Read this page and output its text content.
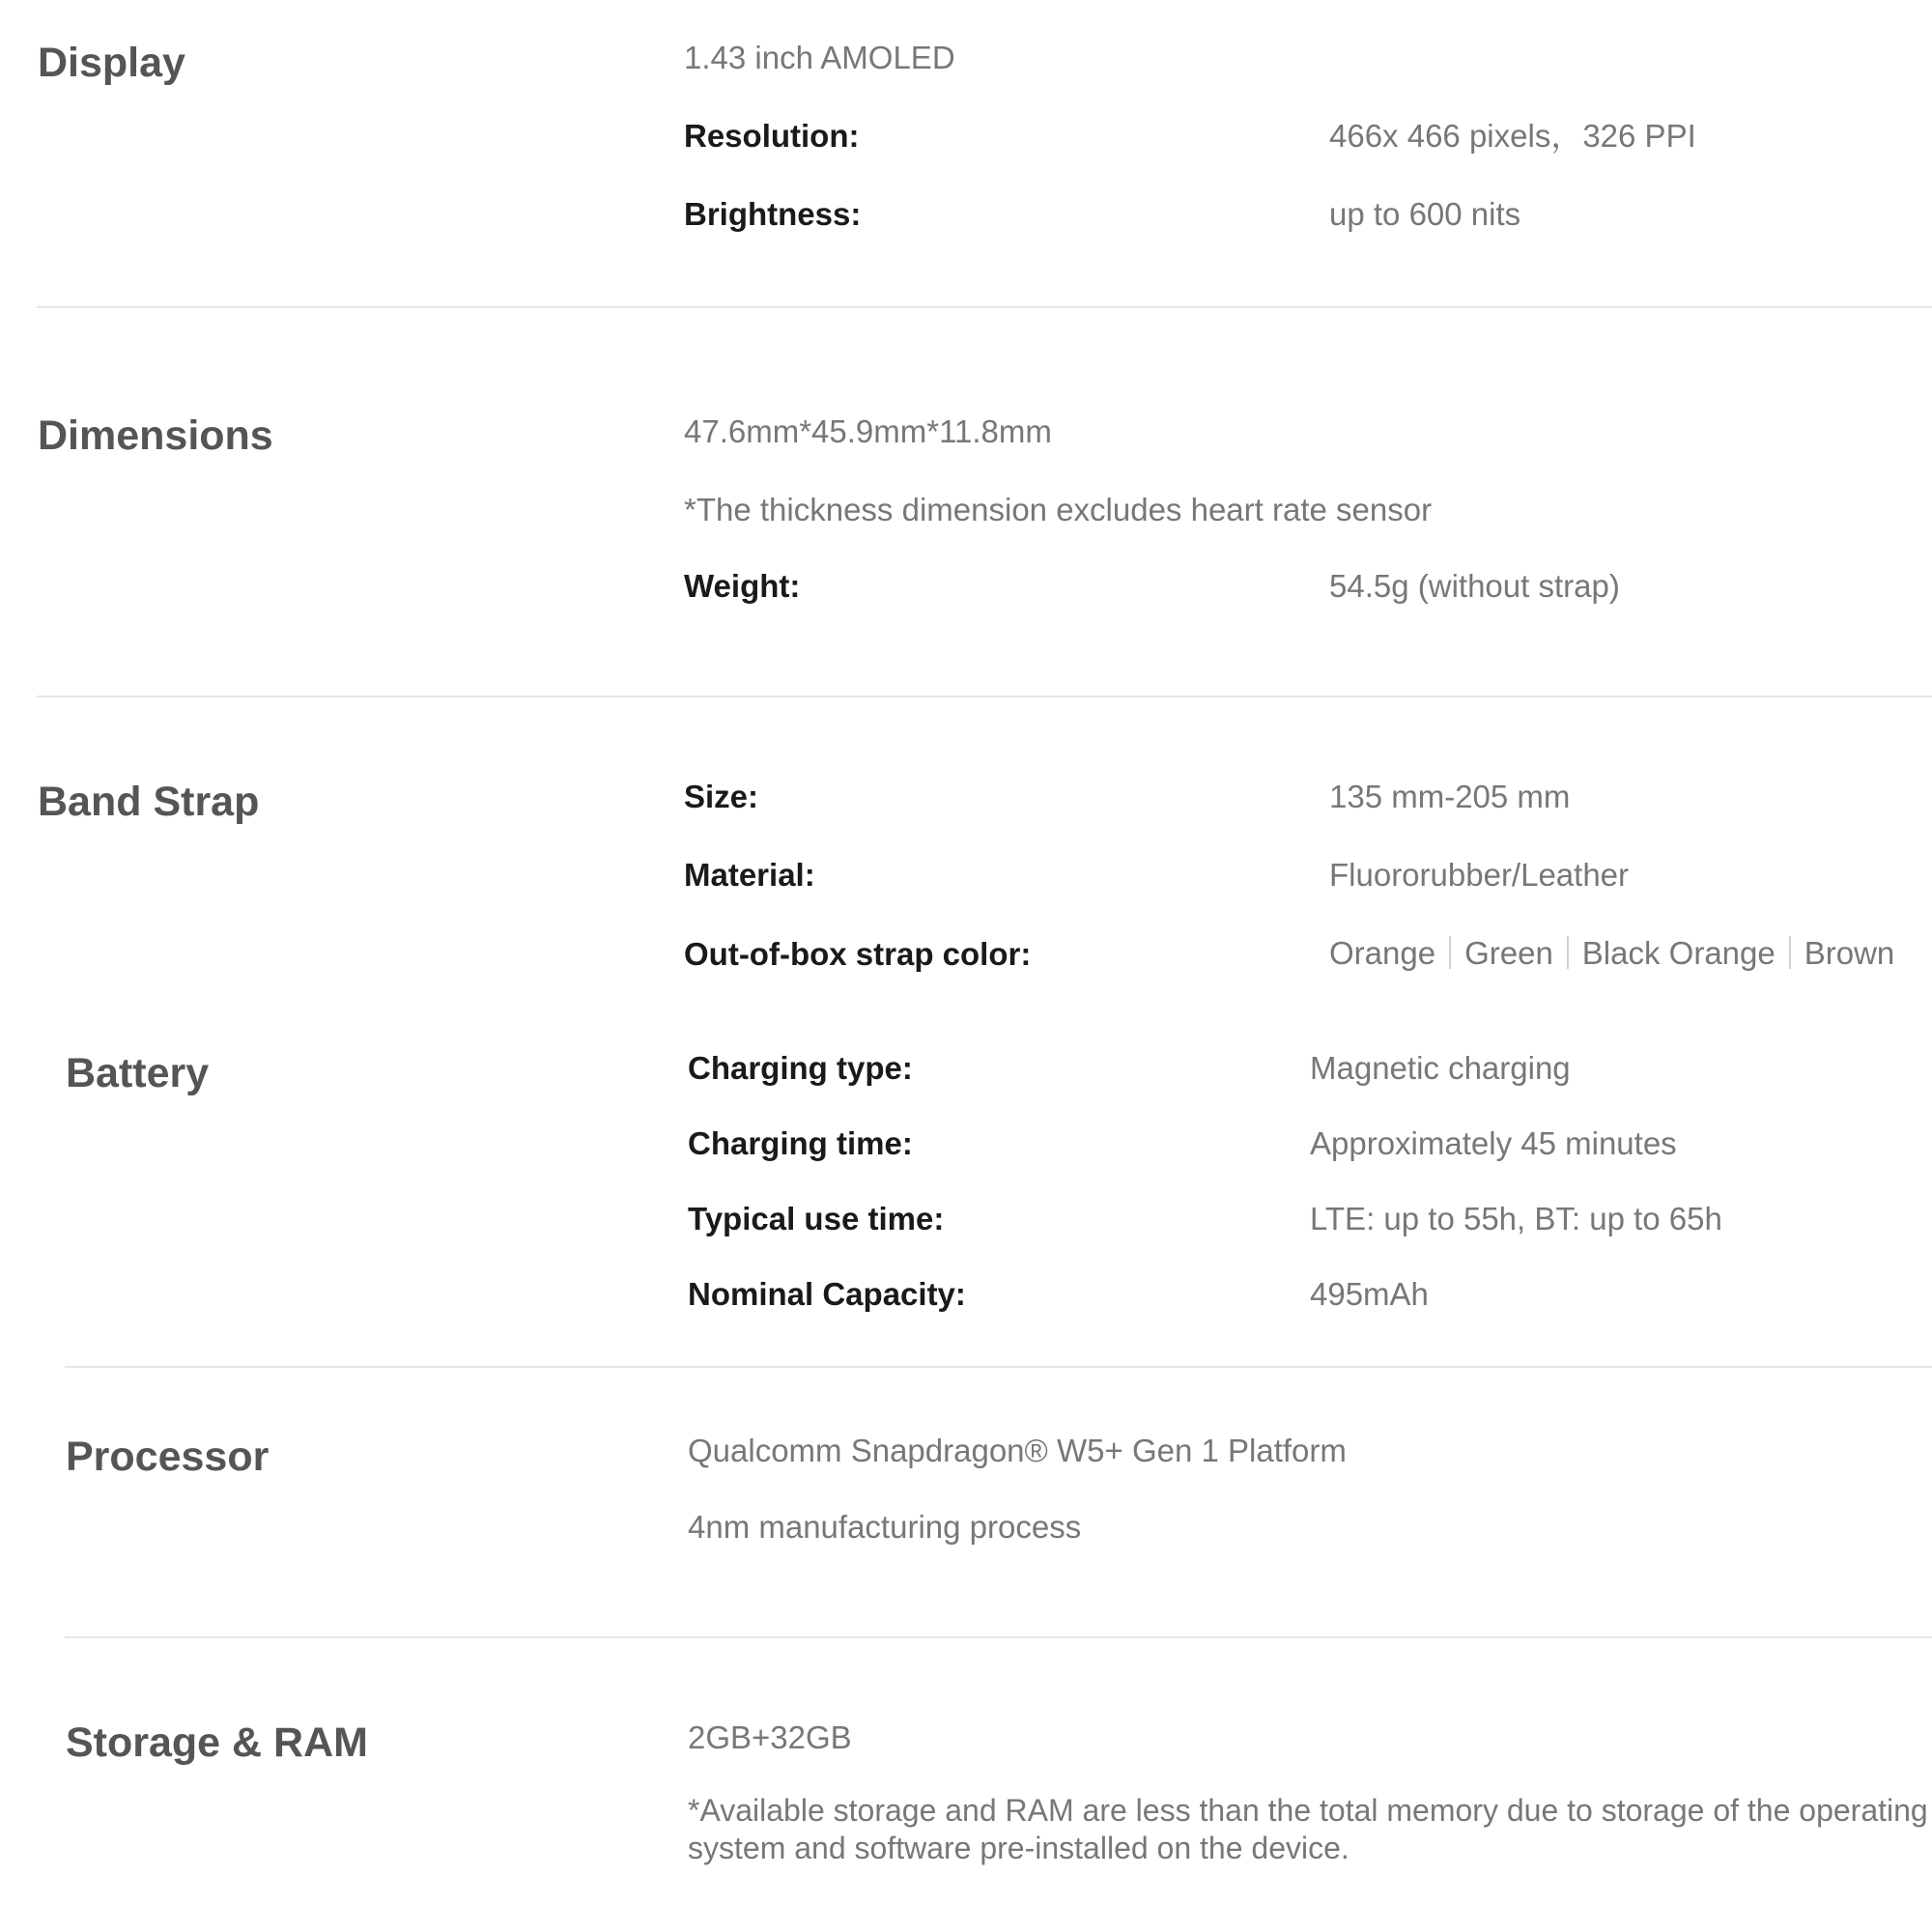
Display	1.43 inch AMOLED
Resolution:	466x 466 pixels，326 PPI
Brightness:	up to 600 nits
Dimensions	47.6mm*45.9mm*11.8mm
*The thickness dimension excludes heart rate sensor
Weight:	54.5g (without strap)
Band Strap	Size:	135 mm-205 mm
Material:	Fluororubber/Leather
Out-of-box strap color:	Orange Green Black Orange Brown
Battery	Charging type:	Magnetic charging
Charging time:	Approximately 45 minutes
Typical use time:	LTE: up to 55h, BT: up to 65h
Nominal Capacity:	495mAh
Processor	Qualcomm Snapdragon® W5+ Gen 1 Platform
4nm manufacturing process
Storage & RAM	2GB+32GB
*Available storage and RAM are less than the total memory due to storage of the operating system and software pre-installed on the device.
